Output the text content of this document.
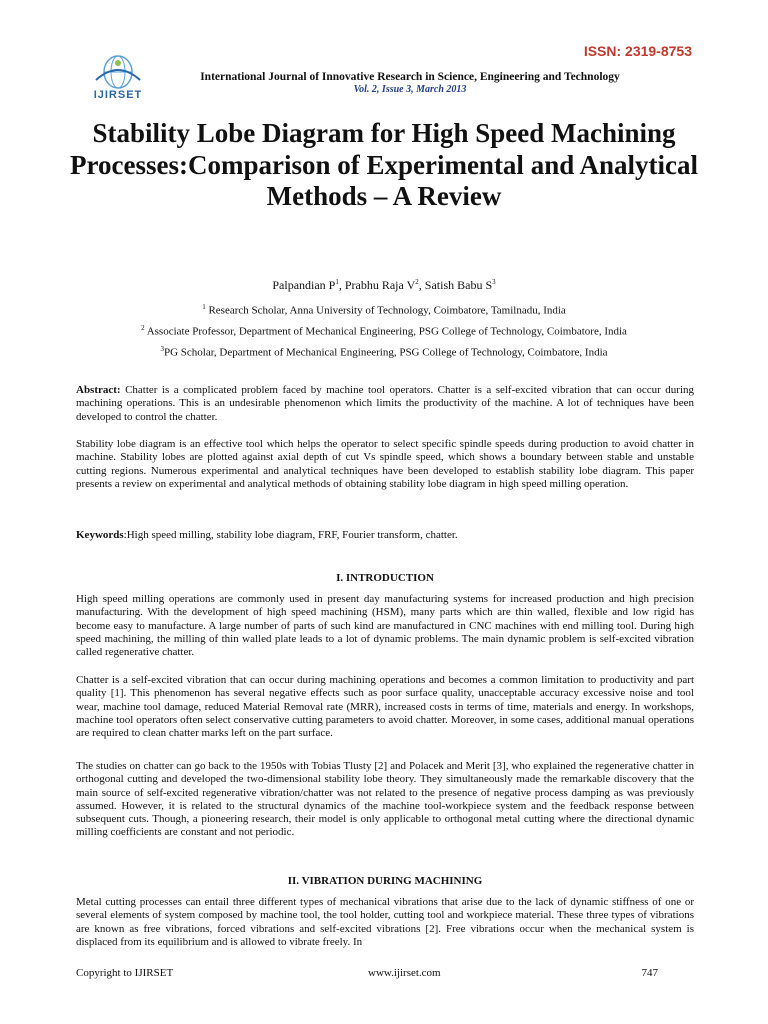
ISSN: 2319-8753
IJIRSET
International Journal of Innovative Research in Science, Engineering and Technology
Vol. 2, Issue 3, March 2013
Stability Lobe Diagram for High Speed Machining Processes:Comparison of Experimental and Analytical Methods – A Review
Palpandian $P^1$, Prabhu Raja $V^2$, Satish Babu $S^3$
$^1$ Research Scholar, Anna University of Technology, Coimbatore, Tamilnadu, India
$^2$ Associate Professor, Department of Mechanical Engineering, PSG College of Technology, Coimbatore, India
$^3$PG Scholar, Department of Mechanical Engineering, PSG College of Technology, Coimbatore, India

Abstract: Chatter is a complicated problem faced by machine tool operators. Chatter is a self-excited vibration that can occur during machining operations. This is an undesirable phenomenon which limits the productivity of the machine. A lot of techniques have been developed to control the chatter.

Stability lobe diagram is an effective tool which helps the operator to select specific spindle speeds during production to avoid chatter in machine. Stability lobes are plotted against axial depth of cut Vs spindle speed, which shows a boundary between stable and unstable cutting regions. Numerous experimental and analytical techniques have been developed to establish stability lobe diagram. This paper presents a review on experimental and analytical methods of obtaining stability lobe diagram in high speed milling operation.

Keywords:High speed milling, stability lobe diagram, FRF, Fourier transform, chatter.

I. INTRODUCTION

High speed milling operations are commonly used in present day manufacturing systems for increased production and high precision manufacturing. With the development of high speed machining (HSM), many parts which are thin walled, flexible and low rigid has become easy to manufacture. A large number of parts of such kind are manufactured in CNC machines with end milling tool. During high speed machining, the milling of thin walled plate leads to a lot of dynamic problems. The main dynamic problem is self-excited vibration called regenerative chatter.

Chatter is a self-excited vibration that can occur during machining operations and becomes a common limitation to productivity and part quality [1]. This phenomenon has several negative effects such as poor surface quality, unacceptable accuracy excessive noise and tool wear, machine tool damage, reduced Material Removal rate (MRR), increased costs in terms of time, materials and energy. In workshops, machine tool operators often select conservative cutting parameters to avoid chatter. Moreover, in some cases, additional manual operations are required to clean chatter marks left on the part surface.

The studies on chatter can go back to the 1950s with Tobias Tlusty [2] and Polacek and Merit [3], who explained the regenerative chatter in orthogonal cutting and developed the two-dimensional stability lobe theory. They simultaneously made the remarkable discovery that the main source of self-excited regenerative vibration/chatter was not related to the presence of negative process damping as was previously assumed. However, it is related to the structural dynamics of the machine tool-workpiece system and the feedback response between subsequent cuts. Though, a pioneering research, their model is only applicable to orthogonal metal cutting where the directional dynamic milling coefficients are constant and not periodic.

II. VIBRATION DURING MACHINING

Metal cutting processes can entail three different types of mechanical vibrations that arise due to the lack of dynamic stiffness of one or several elements of system composed by machine tool, the tool holder, cutting tool and workpiece material. These three types of vibrations are known as free vibrations, forced vibrations and self-excited vibrations [2]. Free vibrations occur when the mechanical system is displaced from its equilibrium and is allowed to vibrate freely. In

Copyright to IJIRSET	www.ijirset.com	747
